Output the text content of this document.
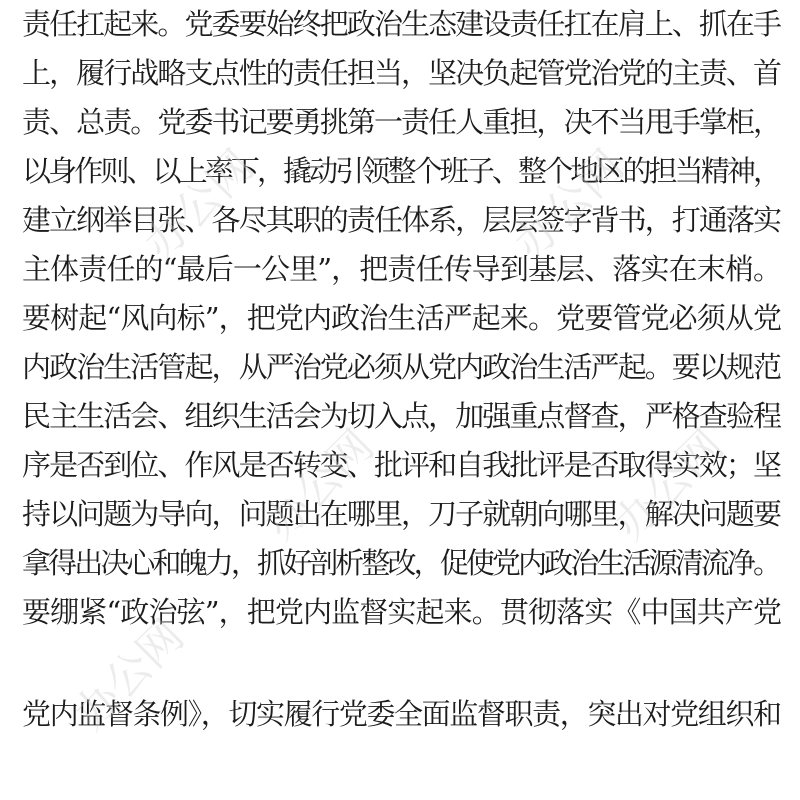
责任扛起来。党委要始终把政治生态建设责任扛在肩上、抓在手
上，履行战略支点性的责任担当，坚决负起管党治党的主责、首
责、总责。党委书记要勇挑第一责任人重担，决不当甩手掌柜，
以身作则、以上率下，撬动引领整个班子、整个地区的担当精神，
建立纲举目张、各尽其职的责任体系，层层签字背书，打通落实
主体责任的“最后一公里”，把责任传导到基层、落实在末梢。
要树起“风向标”，把党内政治生活严起来。党要管党必须从党
内政治生活管起，从严治党必须从党内政治生活严起。要以规范
民主生活会、组织生活会为切入点，加强重点督查，严格查验程
序是否到位、作风是否转变、批评和自我批评是否取得实效；坚
持以问题为导向，问题出在哪里，刀子就朝向哪里，解决问题要
拿得出决心和魄力，抓好剖析整改，促使党内政治生活源清流净。
要绷紧“政治弦”，把党内监督实起来。贯彻落实《中国共产党
党内监督条例》，切实履行党委全面监督职责，突出对党组织和
办公网	办公网
办公网	办公网
办公网
